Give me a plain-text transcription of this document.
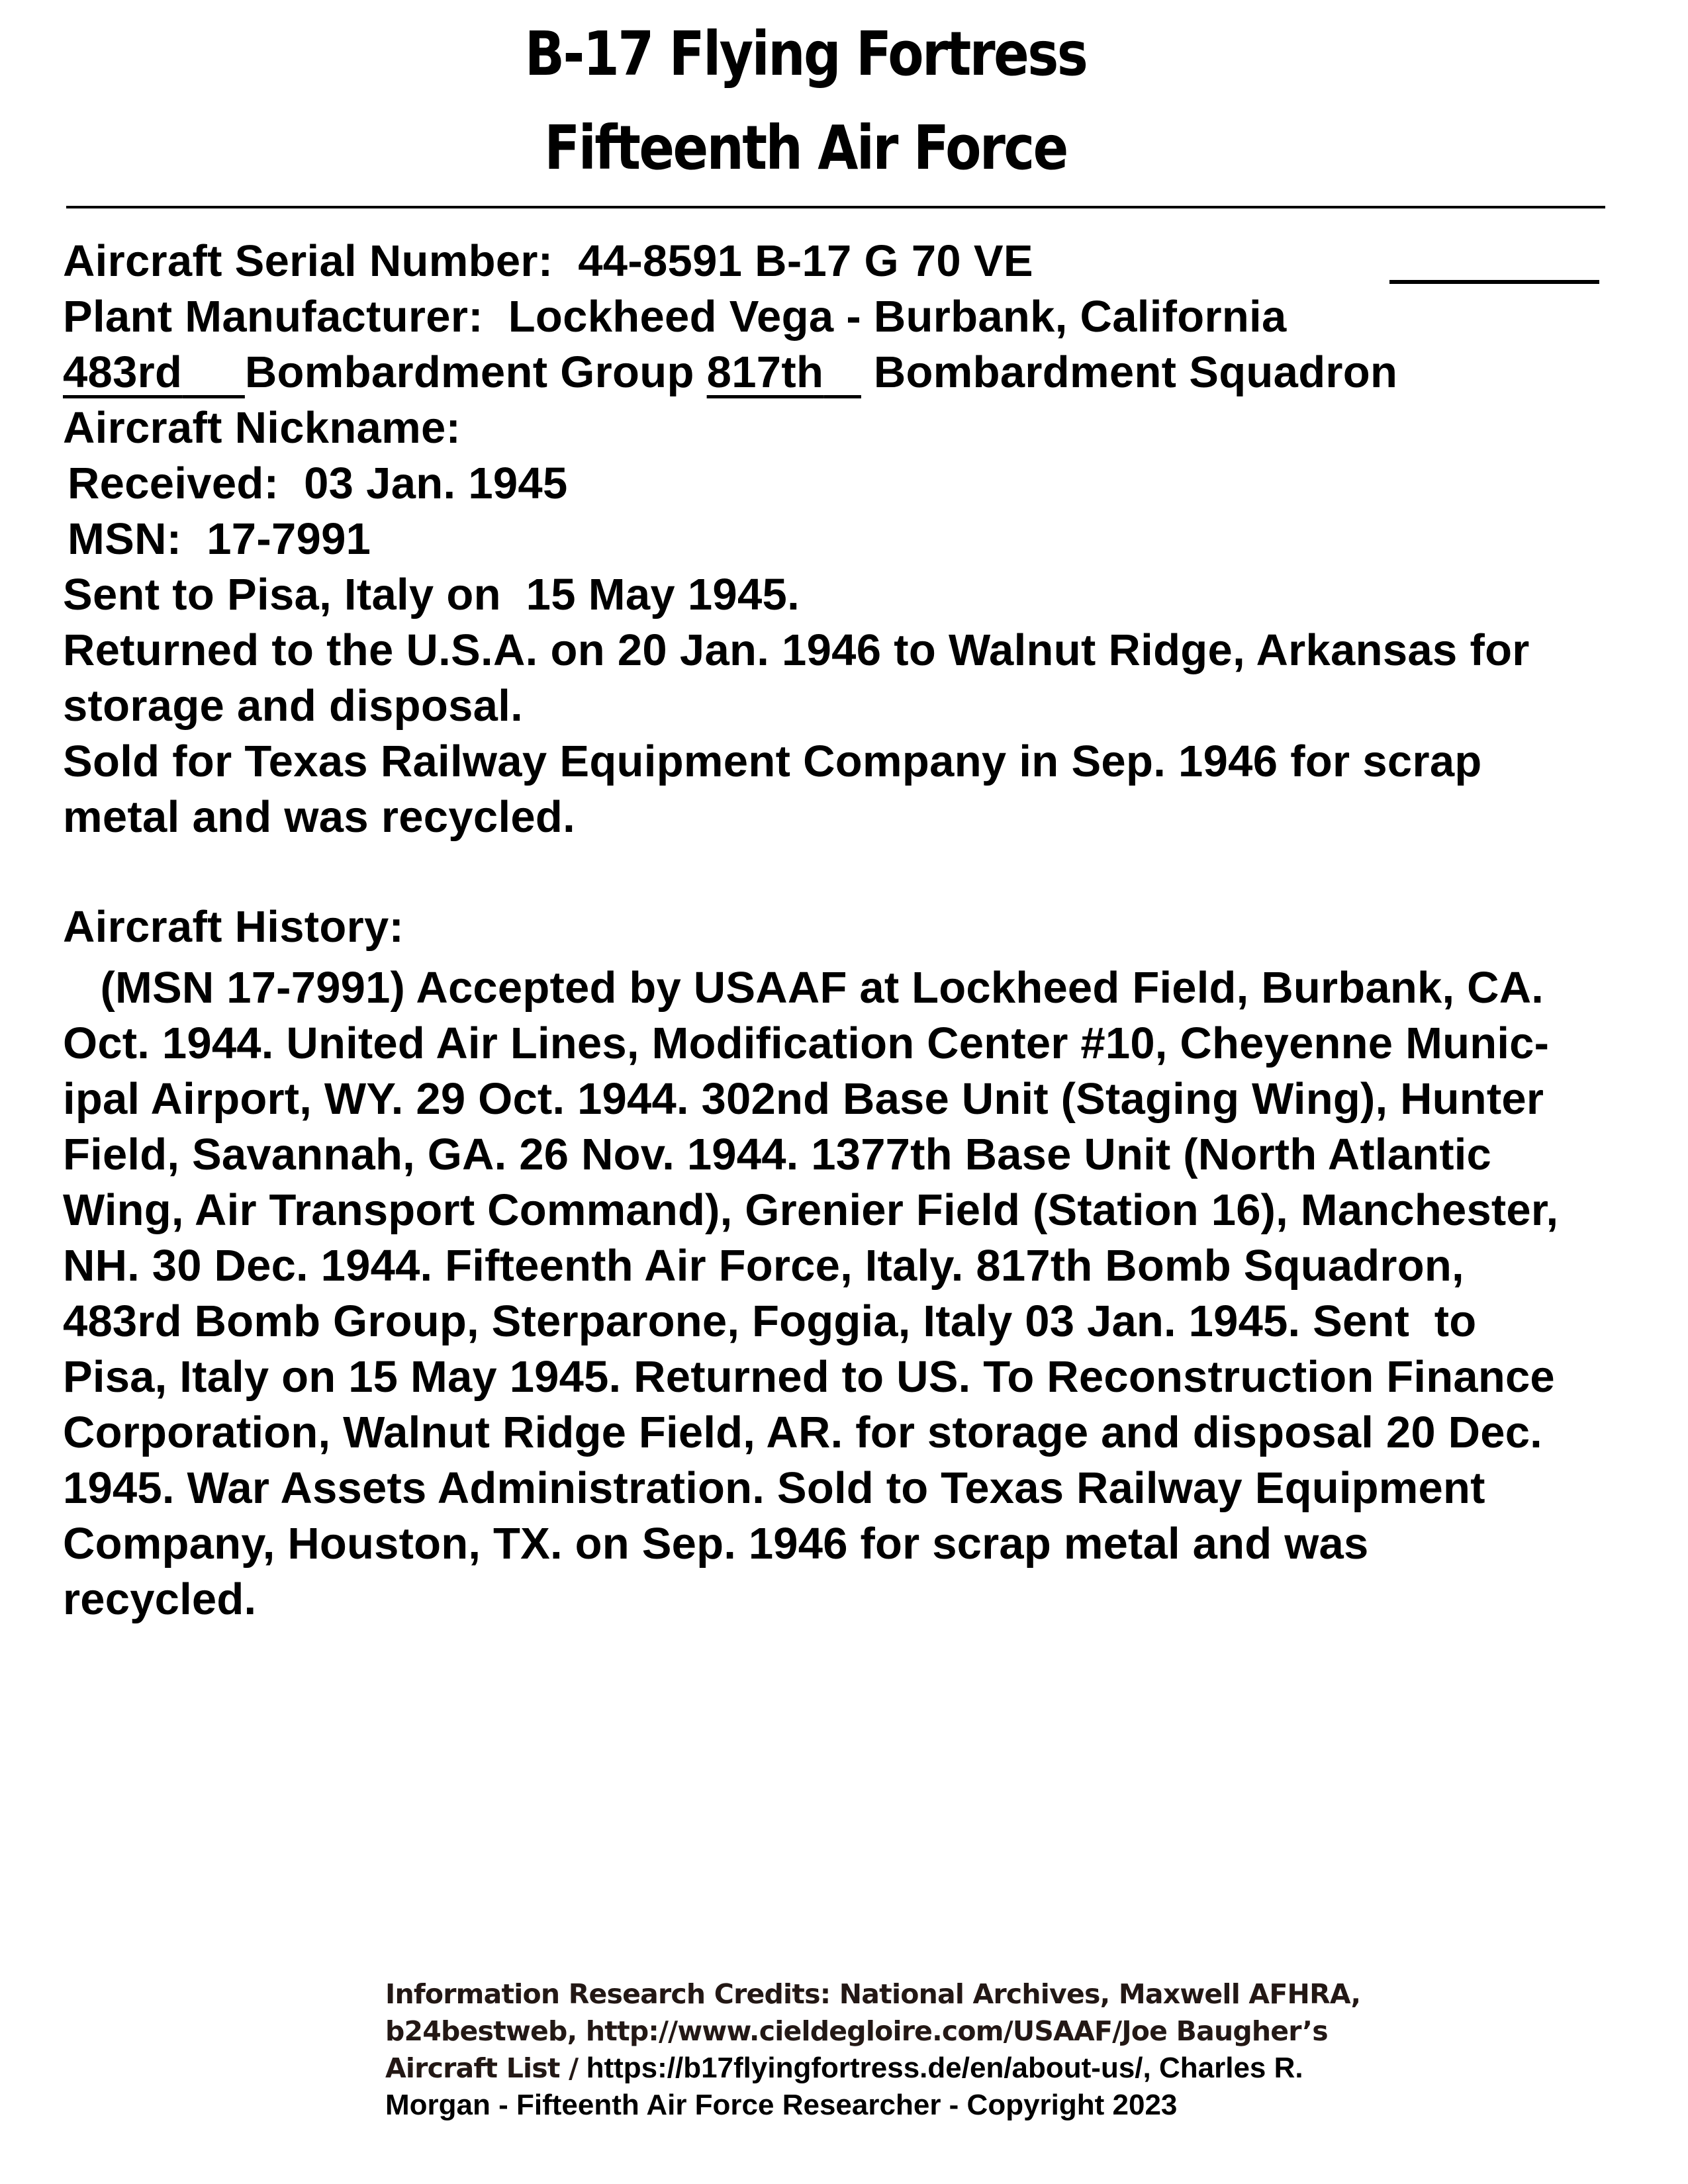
B-17 Flying Fortress
Fifteenth Air Force
Aircraft Serial Number: 44-8591 B-17 G 70 VE
Plant Manufacturer: Lockheed Vega - Burbank, California
483rd Bombardment Group 817th Bombardment Squadron
Aircraft Nickname:
Received: 03 Jan. 1945
MSN: 17-7991
Sent to Pisa, Italy on  15 May 1945.
Returned to the U.S.A. on 20 Jan. 1946 to Walnut Ridge, Arkansas for
storage and disposal.
Sold for Texas Railway Equipment Company in Sep. 1946 for scrap
metal and was recycled.
Aircraft History:
(MSN 17-7991) Accepted by USAAF at Lockheed Field, Burbank, CA.
Oct. 1944. United Air Lines, Modification Center #10, Cheyenne Munic-
ipal Airport, WY. 29 Oct. 1944. 302nd Base Unit (Staging Wing), Hunter
Field, Savannah, GA. 26 Nov. 1944. 1377th Base Unit (North Atlantic
Wing, Air Transport Command), Grenier Field (Station 16), Manchester,
NH. 30 Dec. 1944. Fifteenth Air Force, Italy. 817th Bomb Squadron,
483rd Bomb Group, Sterparone, Foggia, Italy 03 Jan. 1945. Sent  to
Pisa, Italy on 15 May 1945. Returned to US. To Reconstruction Finance
Corporation, Walnut Ridge Field, AR. for storage and disposal 20 Dec.
1945. War Assets Administration. Sold to Texas Railway Equipment
Company, Houston, TX. on Sep. 1946 for scrap metal and was
recycled.
Information Research Credits: National Archives, Maxwell AFHRA,
b24bestweb, http://www.cieldegloire.com/USAAF/Joe Baugher’s
Aircraft List / https://b17flyingfortress.de/en/about-us/, Charles R.
Morgan - Fifteenth Air Force Researcher - Copyright 2023
